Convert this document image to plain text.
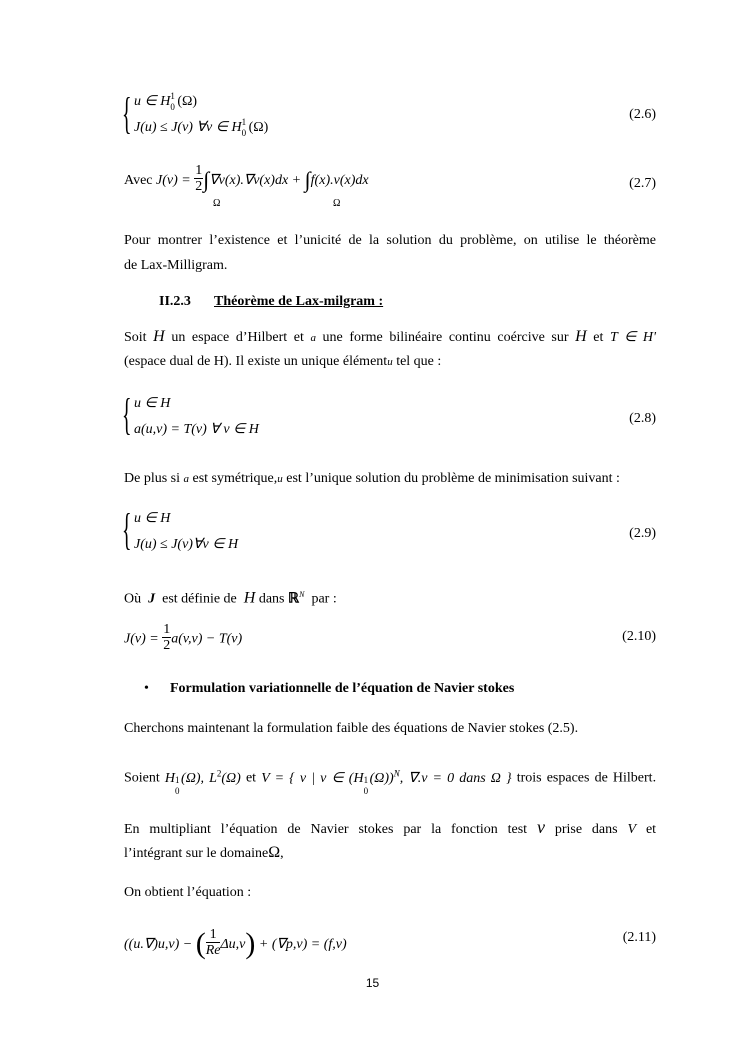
{ u ∈ H 1
0 (Ω)
J(u) ≤ J(v) ∀v ∈ H 1
0 (Ω)
(2.6)
Avec $J(v) = \frac{1}{2} \int\nabla v(x).\nabla v(x)dx + \int f(x).v(x)dx$
Ω	Ω
(2.7)
Pour montrer l’existence et l’unicité de la solution du problème, on utilise le théorème
de Lax-Milligram.
II.2.3 Théorème de Lax-milgram :
Soit H un espace d’Hilbert et a une forme bilinéaire continu coércive sur H et T ∈ H'
(espace dual de H). Il existe un unique élémentu tel que :
{ u ∈ H
a(u,v) = T(v) ∀ v ∈ H
(2.8)
De plus si a est symétrique,u est l’unique solution du problème de minimisation suivant :
{ u ∈ H
J(u) ≤ J(v)∀v ∈ H
(2.9)
Où J est définie de H dans ℝ$^N$ par :
$J(v) = \frac{1}{2} a(v,v) - T(v)$	(2.10)
• Formulation variationnelle de l’équation de Navier stokes
Cherchons maintenant la formulation faible des équations de Navier stokes (2.5).
Soient H 1
0
(Ω), $L^2(\Omega)$ et V = { v | v ∈ (H 1
0
(Ω))$^N$, ∇.v = 0 dans Ω } trois espaces de Hilbert.
En multipliant l’équation de Navier stokes par la fonction test v prise dans V et
l’intégrant sur le domaineΩ,
On obtient l’équation :
((u.∇)u,v) − ( $\frac{1}{Re} \Delta u,v) + (\nabla p,v) = (f,v)$	(2.11)
15
